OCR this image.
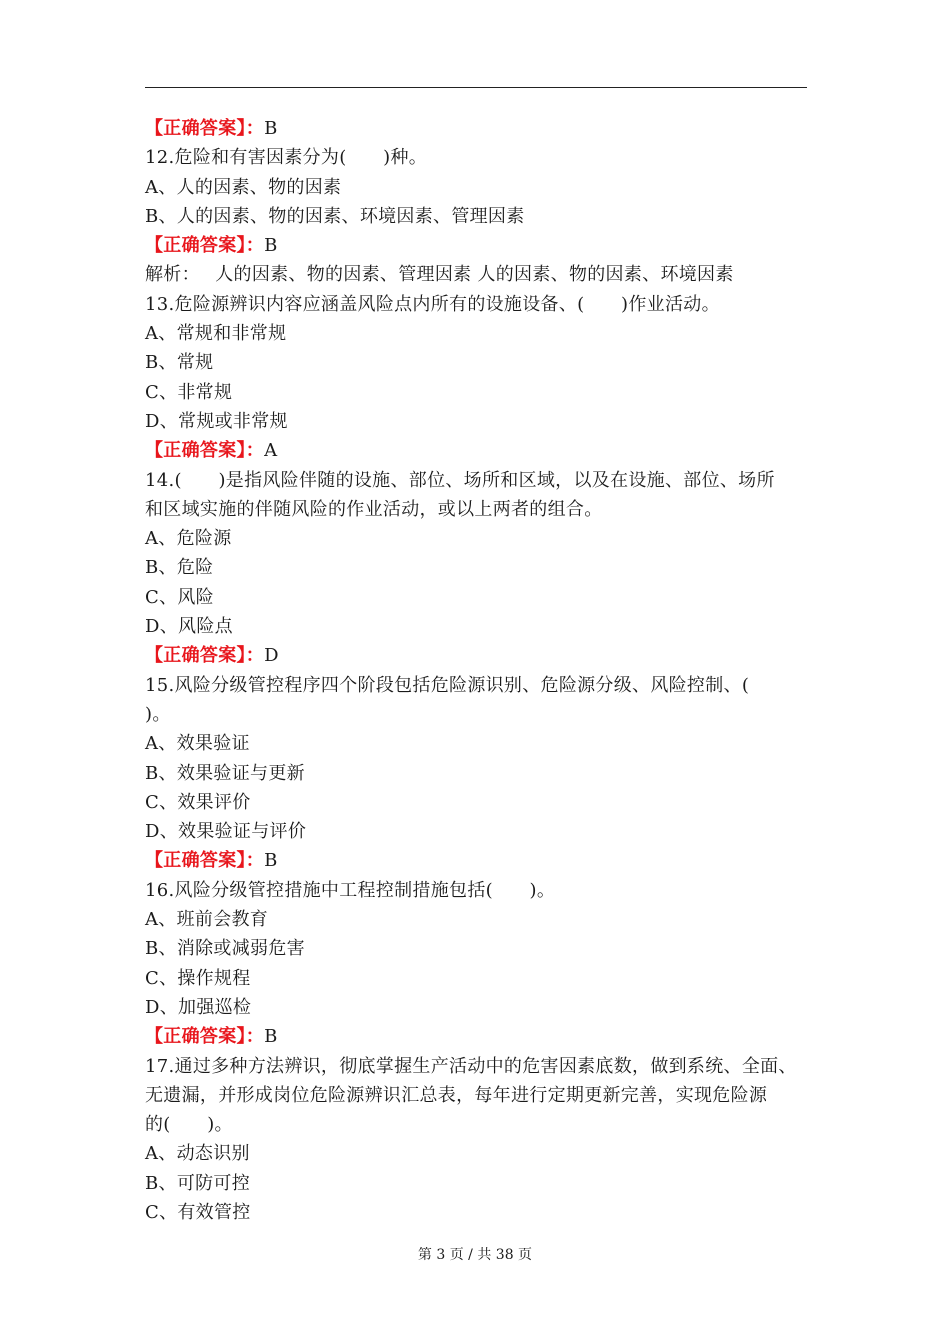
【正确答案】：B
12.危险和有害因素分为(　　)种。
A、人的因素、物的因素
B、人的因素、物的因素、环境因素、管理因素
【正确答案】：B
解析：　 人的因素、物的因素、管理因素 人的因素、物的因素、环境因素
13.危险源辨识内容应涵盖风险点内所有的设施设备、(　　)作业活动。
A、常规和非常规
B、常规
C、非常规
D、常规或非常规
【正确答案】：A
14.(　　)是指风险伴随的设施、部位、场所和区域，以及在设施、部位、场所
和区域实施的伴随风险的作业活动，或以上两者的组合。
A、危险源
B、危险
C、风险
D、风险点
【正确答案】：D
15.风险分级管控程序四个阶段包括危险源识别、危险源分级、风险控制、(
)。
A、效果验证
B、效果验证与更新
C、效果评价
D、效果验证与评价
【正确答案】：B
16.风险分级管控措施中工程控制措施包括(　　)。
A、班前会教育
B、消除或减弱危害
C、操作规程
D、加强巡检
【正确答案】：B
17.通过多种方法辨识，彻底掌握生产活动中的危害因素底数，做到系统、全面、
无遗漏，并形成岗位危险源辨识汇总表，每年进行定期更新完善，实现危险源
的(　　)。
A、动态识别
B、可防可控
C、有效管控
第 3 页 / 共 38 页
